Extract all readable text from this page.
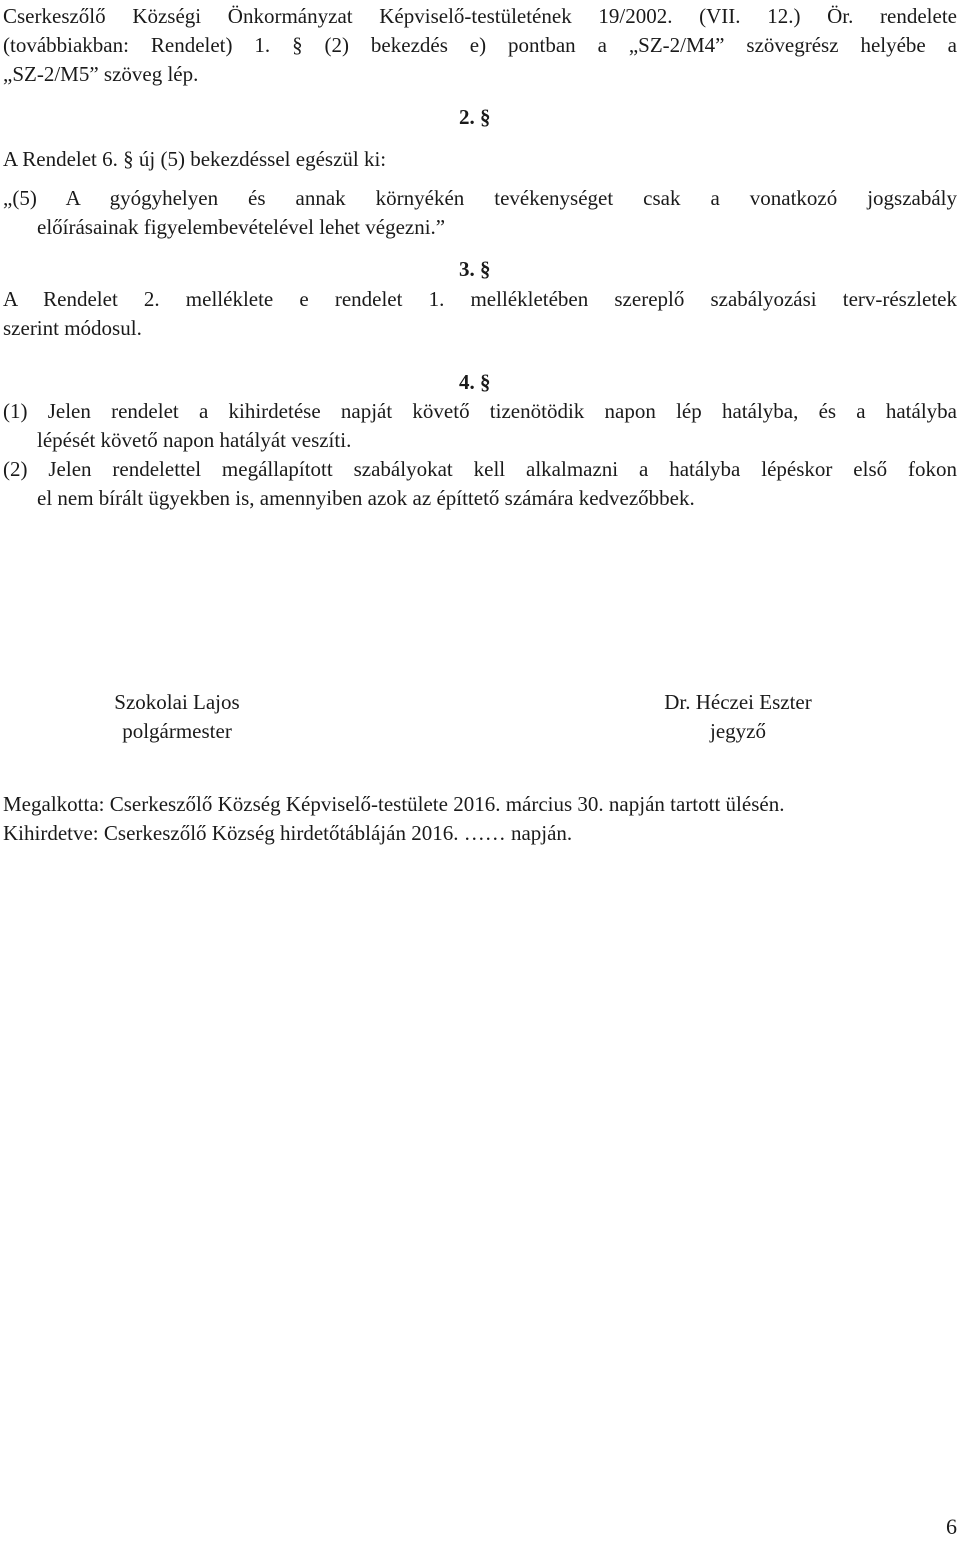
Cserkeszőlő Községi Önkormányzat Képviselő-testületének 19/2002. (VII. 12.) Ör. rendelete
(továbbiakban: Rendelet) 1. § (2) bekezdés e) pontban a „SZ-2/M4” szövegrész helyébe a
„SZ-2/M5” szöveg lép.
2. §
A Rendelet 6. § új (5) bekezdéssel egészül ki:
„(5) A gyógyhelyen és annak környékén tevékenységet csak a vonatkozó jogszabály
előírásainak figyelembevételével lehet végezni.”
3. §
A Rendelet 2. melléklete e rendelet 1. mellékletében szereplő szabályozási terv-részletek
szerint módosul.
4. §
(1) Jelen rendelet a kihirdetése napját követő tizenötödik napon lép hatályba, és a hatályba
lépését követő napon hatályát veszíti.
(2) Jelen rendelettel megállapított szabályokat kell alkalmazni a hatályba lépéskor első fokon
el nem bírált ügyekben is, amennyiben azok az építtető számára kedvezőbbek.
Szokolai Lajos
polgármester
Dr. Héczei Eszter
jegyző
Megalkotta: Cserkeszőlő Község Képviselő-testülete 2016. március 30. napján tartott ülésén.
Kihirdetve: Cserkeszőlő Község hirdetőtábláján 2016. …… napján.
6
